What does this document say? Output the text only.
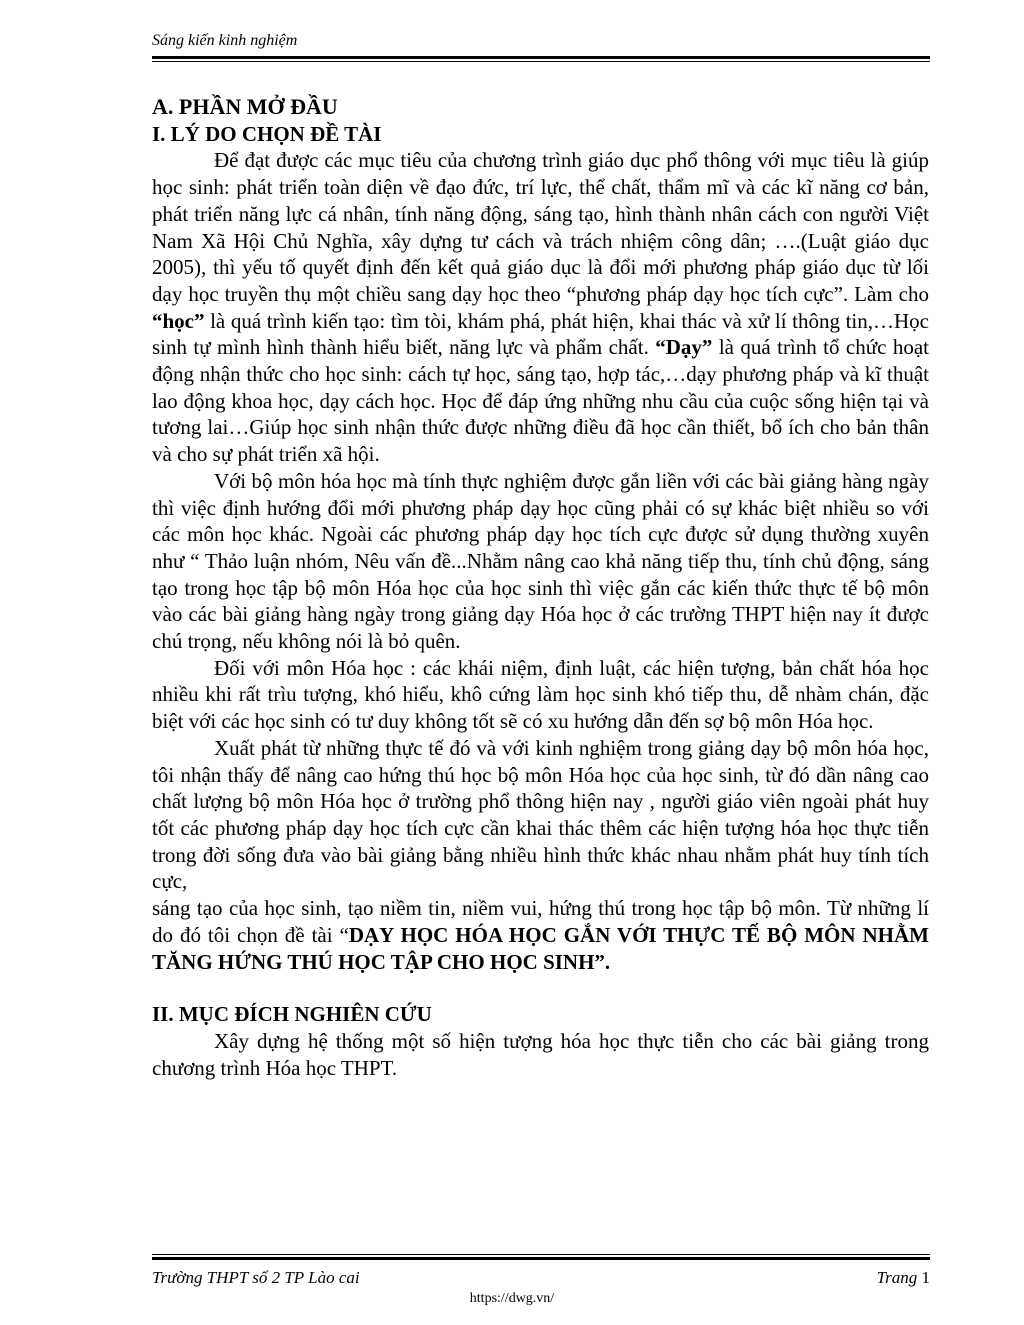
Sáng kiến kinh nghiệm
A. PHẦN MỞ ĐẦU
I. LÝ DO CHỌN ĐỀ TÀI

Để đạt được các mục tiêu của chương trình giáo dục phổ thông với mục tiêu là giúp học sinh: phát triển toàn diện về đạo đức, trí lực, thể chất, thẩm mĩ và các kĩ năng cơ bản, phát triển năng lực cá nhân, tính năng động, sáng tạo, hình thành nhân cách con người Việt Nam Xã Hội Chủ Nghĩa, xây dựng tư cách và trách nhiệm công dân; ….(Luật giáo dục 2005), thì yếu tố quyết định đến kết quả giáo dục là đổi mới phương pháp giáo dục từ lối dạy học truyền thụ một chiều sang dạy học theo “phương pháp dạy học tích cực”. Làm cho “học” là quá trình kiến tạo: tìm tòi, khám phá, phát hiện, khai thác và xử lí thông tin,…Học sinh tự mình hình thành hiểu biết, năng lực và phẩm chất. “Dạy” là quá trình tổ chức hoạt động nhận thức cho học sinh: cách tự học, sáng tạo, hợp tác,…dạy phương pháp và kĩ thuật lao động khoa học, dạy cách học. Học để đáp ứng những nhu cầu của cuộc sống hiện tại và tương lai…Giúp học sinh nhận thức được những điều đã học cần thiết, bổ ích cho bản thân và cho sự phát triển xã hội.

Với bộ môn hóa học mà tính thực nghiệm được gắn liền với các bài giảng hàng ngày thì việc định hướng đổi mới phương pháp dạy học cũng phải có sự khác biệt nhiều so với các môn học khác. Ngoài các phương pháp dạy học tích cực được sử dụng thường xuyên như “ Thảo luận nhóm, Nêu vấn đề...Nhằm nâng cao khả năng tiếp thu, tính chủ động, sáng tạo trong học tập bộ môn Hóa học của học sinh thì việc gắn các kiến thức thực tế bộ môn vào các bài giảng hàng ngày trong giảng dạy Hóa học ở các trường THPT hiện nay ít được chú trọng, nếu không nói là bỏ quên.

Đối với môn Hóa học : các khái niệm, định luật, các hiện tượng, bản chất hóa học nhiều khi rất trìu tượng, khó hiểu, khô cứng làm học sinh khó tiếp thu, dễ nhàm chán, đặc biệt với các học sinh có tư duy không tốt sẽ có xu hướng dẫn đến sợ bộ môn Hóa học.

Xuất phát từ những thực tế đó và với kinh nghiệm trong giảng dạy bộ môn hóa học, tôi nhận thấy để nâng cao hứng thú học bộ môn Hóa học của học sinh, từ đó dần nâng cao chất lượng bộ môn Hóa học ở trường phổ thông hiện nay , người giáo viên ngoài phát huy tốt các phương pháp dạy học tích cực cần khai thác thêm các hiện tượng hóa học thực tiễn trong đời sống đưa vào bài giảng bằng nhiều hình thức khác nhau nhằm phát huy tính tích cực,

sáng tạo của học sinh, tạo niềm tin, niềm vui, hứng thú trong học tập bộ môn. Từ những lí do đó tôi chọn đề tài “DẠY HỌC HÓA HỌC GẮN VỚI THỰC TẾ BỘ MÔN NHẰM TĂNG HỨNG THÚ HỌC TẬP CHO HỌC SINH”.

II. MỤC ĐÍCH NGHIÊN CỨU

Xây dựng hệ thống một số hiện tượng hóa học thực tiễn cho các bài giảng trong chương trình Hóa học THPT.

Trường THPT số 2 TP Lào cai	Trang 1
https://dwg.vn/
